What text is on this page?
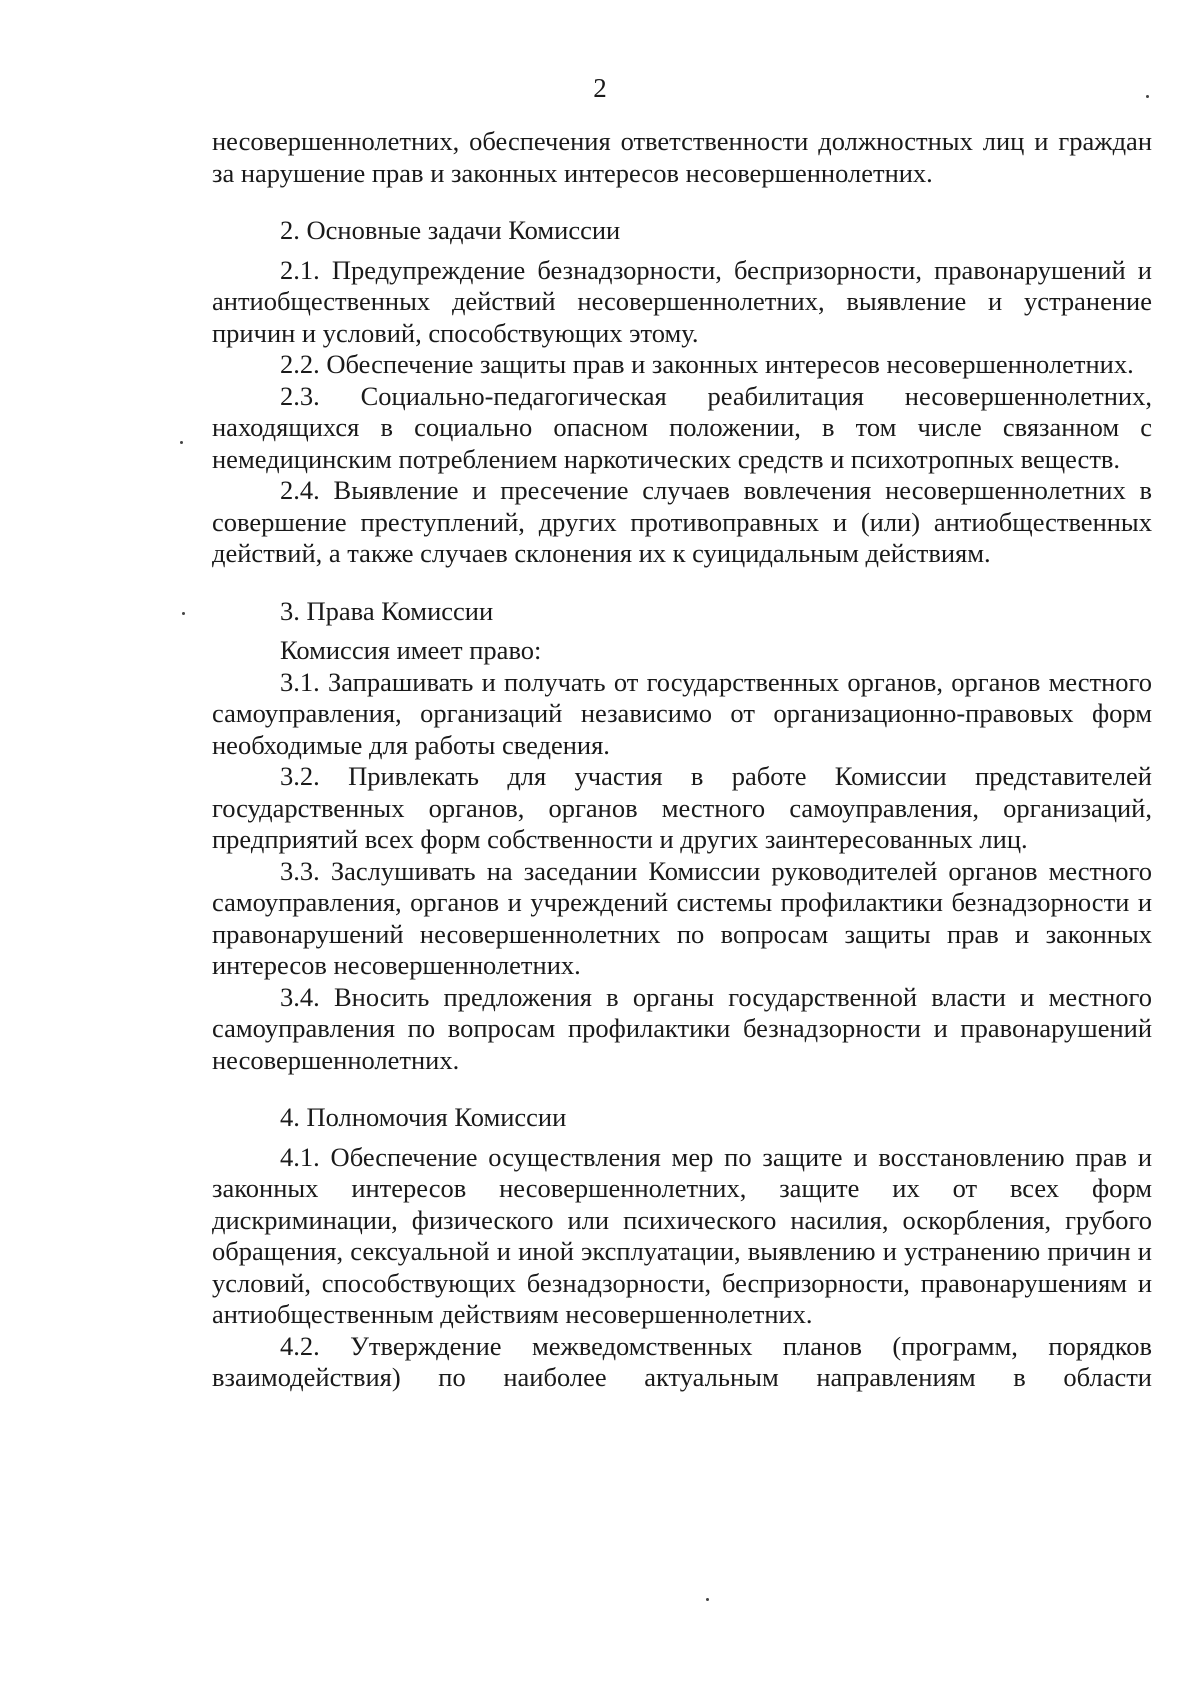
2

несовершеннолетних, обеспечения ответственности должностных лиц и граждан за нарушение прав и законных интересов несовершеннолетних.

2. Основные задачи Комиссии

2.1. Предупреждение безнадзорности, беспризорности, правонарушений и антиобщественных действий несовершеннолетних, выявление и устранение причин и условий, способствующих этому.

2.2. Обеспечение защиты прав и законных интересов несовершеннолетних.

2.3. Социально-педагогическая реабилитация несовершеннолетних, находящихся в социально опасном положении, в том числе связанном с немедицинским потреблением наркотических средств и психотропных веществ.

2.4. Выявление и пресечение случаев вовлечения несовершеннолетних в совершение преступлений, других противоправных и (или) антиобщественных действий, а также случаев склонения их к суицидальным действиям.

3. Права Комиссии

Комиссия имеет право:

3.1. Запрашивать и получать от государственных органов, органов местного самоуправления, организаций независимо от организационно-правовых форм необходимые для работы сведения.

3.2. Привлекать для участия в работе Комиссии представителей государственных органов, органов местного самоуправления, организаций, предприятий всех форм собственности и других заинтересованных лиц.

3.3. Заслушивать на заседании Комиссии руководителей органов местного самоуправления, органов и учреждений системы профилактики безнадзорности и правонарушений несовершеннолетних по вопросам защиты прав и законных интересов несовершеннолетних.

3.4. Вносить предложения в органы государственной власти и местного самоуправления по вопросам профилактики безнадзорности и правонарушений несовершеннолетних.

4. Полномочия Комиссии

4.1. Обеспечение осуществления мер по защите и восстановлению прав и законных интересов несовершеннолетних, защите их от всех форм дискриминации, физического или психического насилия, оскорбления, грубого обращения, сексуальной и иной эксплуатации, выявлению и устранению причин и условий, способствующих безнадзорности, беспризорности, правонарушениям и антиобщественным действиям несовершеннолетних.

4.2. Утверждение межведомственных планов (программ, порядков взаимодействия) по наиболее актуальным направлениям в области
